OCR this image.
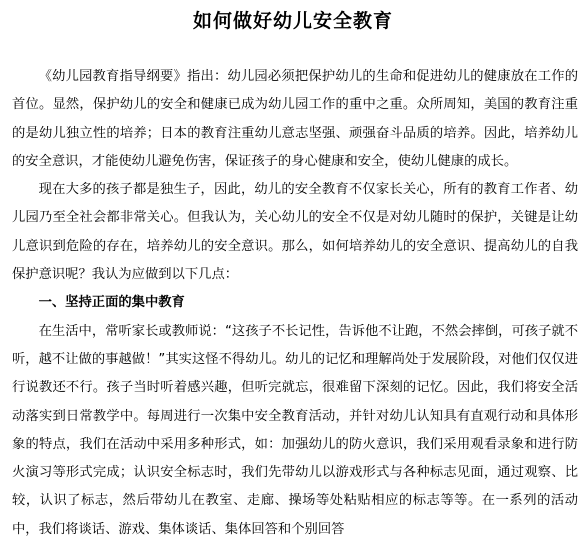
如何做好幼儿安全教育

《幼儿园教育指导纲要》指出：幼儿园必须把保护幼儿的生命和促进幼儿的健康放在工作的首位。显然，保护幼儿的安全和健康已成为幼儿园工作的重中之重。众所周知，美国的教育注重的是幼儿独立性的培养；日本的教育注重幼儿意志坚强、顽强奋斗品质的培养。因此，培养幼儿的安全意识，才能使幼儿避免伤害，保证孩子的身心健康和安全，使幼儿健康的成长。

现在大多的孩子都是独生子，因此，幼儿的安全教育不仅家长关心，所有的教育工作者、幼儿园乃至全社会都非常关心。但我认为，关心幼儿的安全不仅是对幼儿随时的保护，关键是让幼儿意识到危险的存在，培养幼儿的安全意识。那么，如何培养幼儿的安全意识、提高幼儿的自我保护意识呢？我认为应做到以下几点：

一、坚持正面的集中教育

在生活中，常听家长或教师说：“这孩子不长记性，告诉他不让跑，不然会摔倒，可孩子就不听，越不让做的事越做！”其实这怪不得幼儿。幼儿的记忆和理解尚处于发展阶段，对他们仅仅进行说教还不行。孩子当时听着感兴趣，但听完就忘，很难留下深刻的记忆。因此，我们将安全活动落实到日常教学中。每周进行一次集中安全教育活动，并针对幼儿认知具有直观行动和具体形象的特点，我们在活动中采用多种形式，如：加强幼儿的防火意识，我们采用观看录象和进行防火演习等形式完成；认识安全标志时，我们先带幼儿以游戏形式与各种标志见面，通过观察、比较，认识了标志，然后带幼儿在教室、走廊、操场等处粘贴相应的标志等等。在一系列的活动中，我们将谈话、游戏、集体谈话、集体回答和个别回答
